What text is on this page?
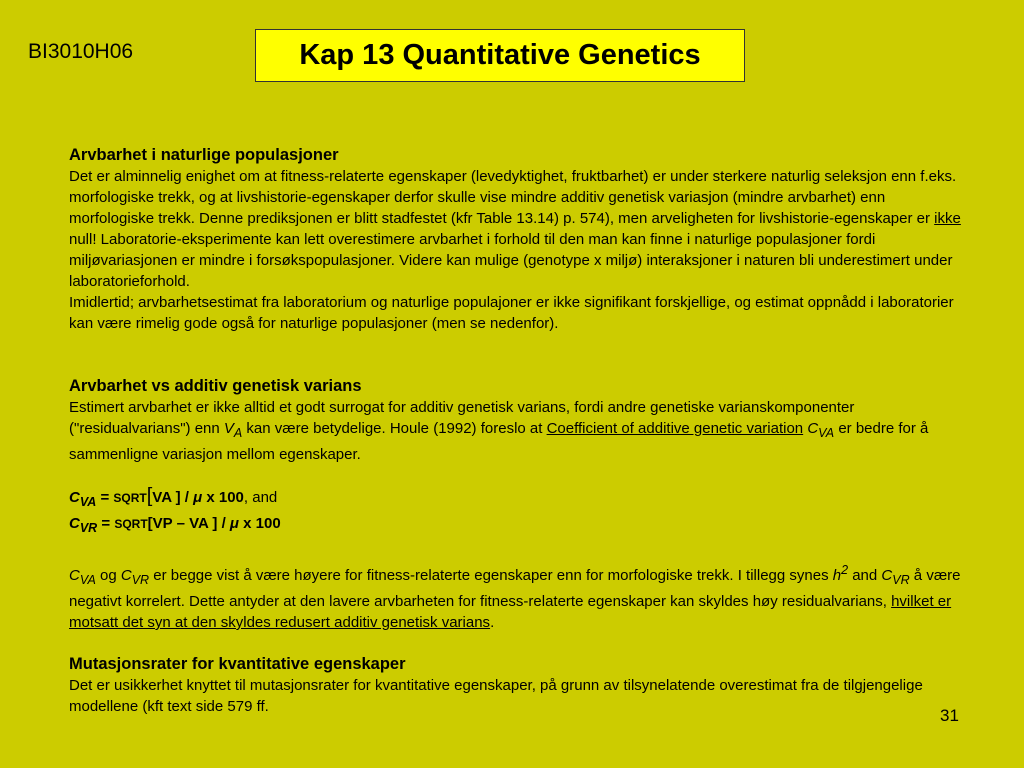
BI3010H06	Kap 13 Quantitative Genetics

Arvbarhet i naturlige populasjoner

Det er alminnelig enighet om at fitness-relaterte egenskaper (levedyktighet, fruktbarhet) er under sterkere naturlig seleksjon enn f.eks. morfologiske trekk, og at livshistorie-egenskaper derfor skulle vise mindre additiv genetisk variasjon (mindre arvbarhet) enn morfologiske trekk. Denne prediksjonen er blitt stadfestet (kfr Table 13.14) p. 574), men arveligheten for livshistorie-egenskaper er ikke null! Laboratorie-eksperimente kan lett overestimere arvbarhet i forhold til den man kan finne i naturlige populasjoner fordi miljøvariasjonen er mindre i forsøkspopulasjoner. Videre kan mulige (genotype x miljø) interaksjoner i naturen bli underestimert under laboratorieforhold.

Imidlertid; arvbarhetsestimat fra laboratorium og naturlige populajoner er ikke signifikant forskjellige, og estimat oppnådd i laboratorier kan være rimelig gode også for naturlige populasjoner (men se nedenfor).

Arvbarhet vs additiv genetisk varians

Estimert arvbarhet er ikke alltid et godt surrogat for additiv genetisk varians, fordi andre genetiske varianskomponenter ("residualvarians") enn $V_A$ kan være betydelige. Houle (1992) foreslo at Coefficient of additive genetic variation $C_{VA}$ er bedre for å sammenligne variasjon mellom egenskaper.

$C_{VA}$ = SQRT[VA ] / μ x 100, and

$C_{VR}$ = SQRT[VP – VA ] / μ x 100

$C_{VA}$ og $C_{VR}$ er begge vist å være høyere for fitness-relaterte egenskaper enn for morfologiske trekk. I tillegg synes $h^2$ and $C_{VR}$ å være negativt korrelert. Dette antyder at den lavere arvbarheten for fitness-relaterte egenskaper kan skyldes høy residualvarians, hvilket er motsatt det syn at den skyldes redusert additiv genetisk varians.

Mutasjonsrater for kvantitative egenskaper

Det er usikkerhet knyttet til mutasjonsrater for kvantitative egenskaper, på grunn av tilsynelatende overestimat fra de tilgjengelige modellene (kft text side 579 ff.	31
